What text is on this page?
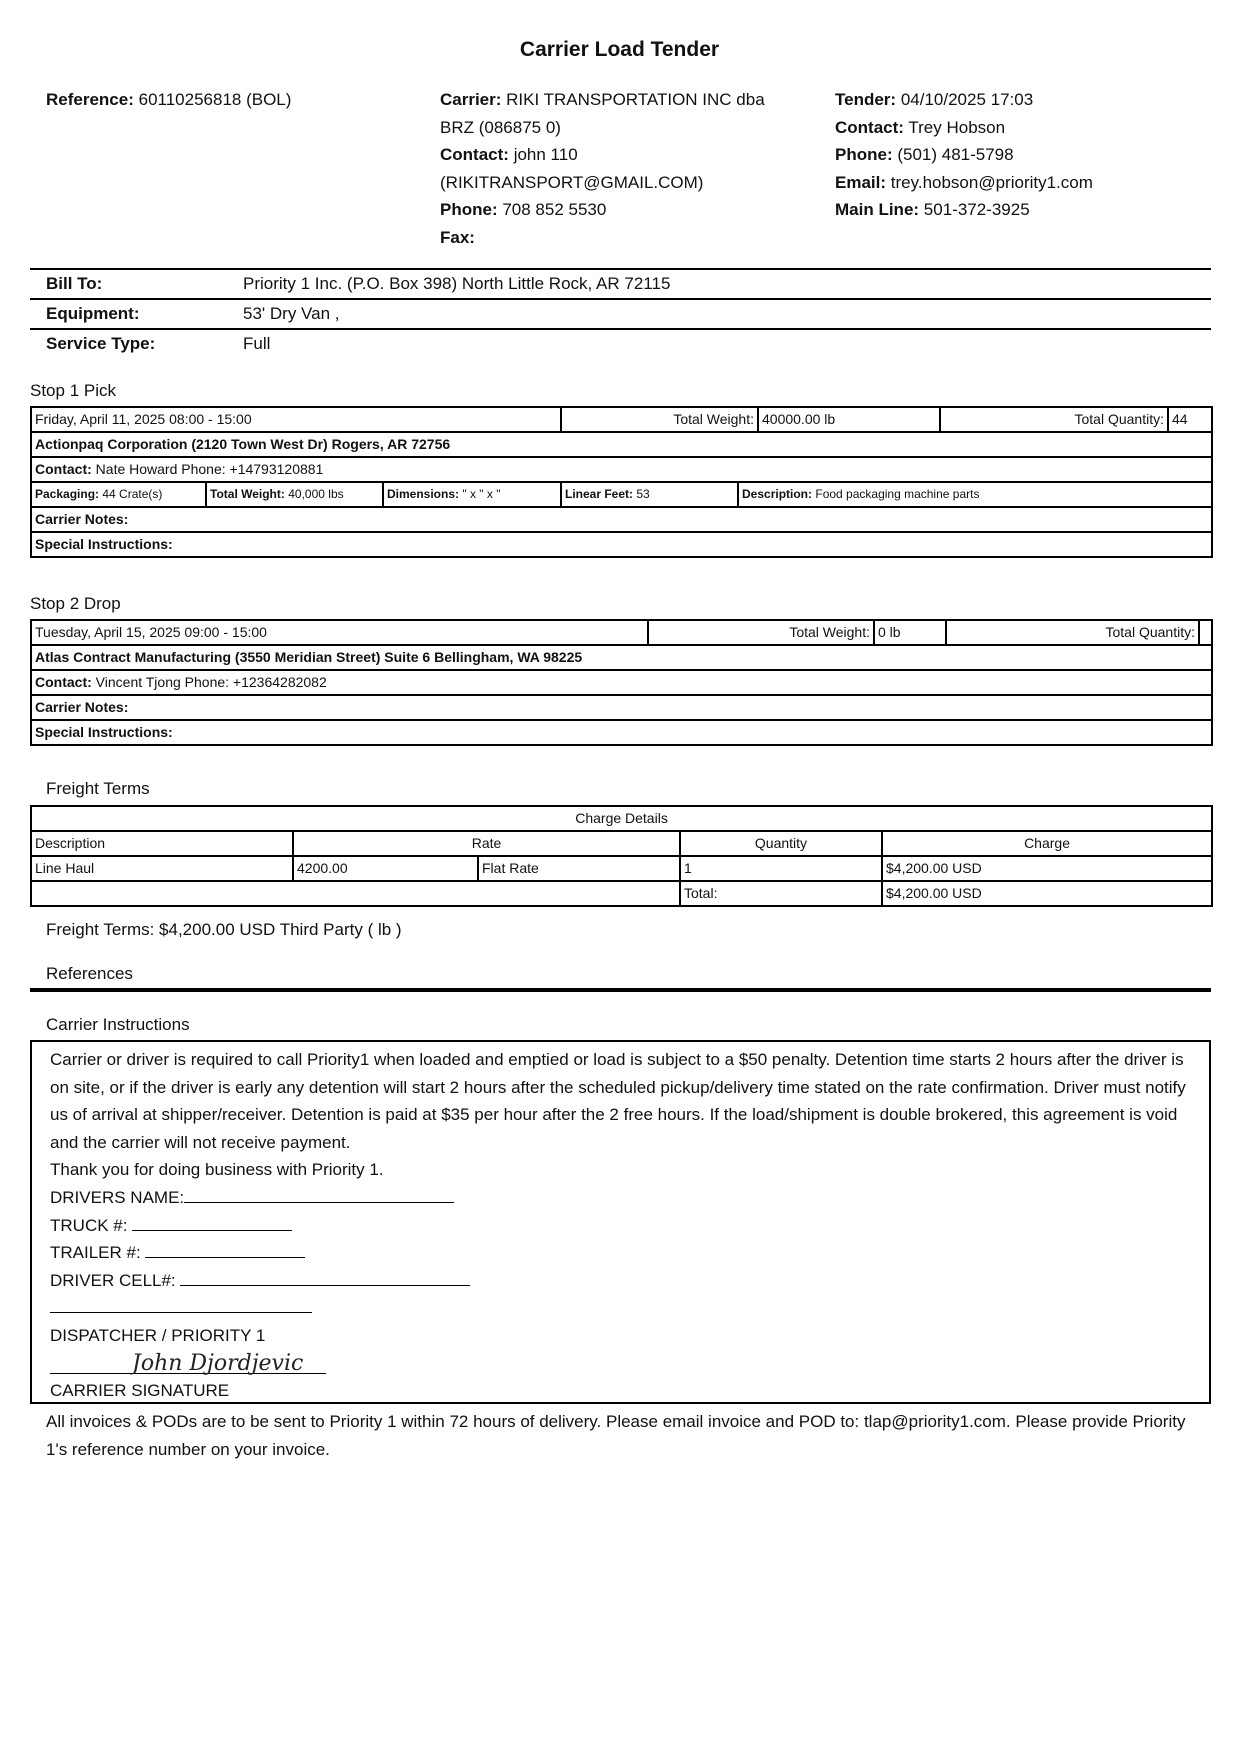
Carrier Load Tender
Reference: 60110256818 (BOL)	Carrier: RIKI TRANSPORTATION INC dba
BRZ (086875 0)
Contact: john 110
(RIKITRANSPORT@GMAIL.COM)
Phone: 708 852 5530
Fax:
Tender: 04/10/2025 17:03
Contact: Trey Hobson
Phone: (501) 481-5798
Email: trey.hobson@priority1.com
Main Line: 501-372-3925
Bill To:	Priority 1 Inc. (P.O. Box 398) North Little Rock, AR 72115
Equipment:	53' Dry Van ,
Service Type:	Full
Stop 1 Pick
Friday, April 11, 2025 08:00 - 15:00		Total Weight:	40000.00 lb	Total Quantity:	44

Actionpaq Corporation (2120 Town West Dr) Rogers, AR 72756
Contact: Nate Howard Phone: +14793120881
Packaging: 44 Crate(s)	Total Weight: 40,000 lbs	Dimensions: " x " x "	Linear Feet: 53	Description: Food packaging machine parts
Carrier Notes:
Special Instructions:
Stop 2 Drop
Tuesday, April 15, 2025 09:00 - 15:00	Total Weight:	0 lb	Total Quantity:	
Atlas Contract Manufacturing (3550 Meridian Street) Suite 6 Bellingham, WA 98225
Contact: Vincent Tjong Phone: +12364282082
Carrier Notes:
Special Instructions:
Freight Terms
Charge Details				
Description	Rate		Quantity	Charge
Line Haul	4200.00	Flat Rate	1	$4,200.00 USD
			Total:	$4,200.00 USD
Freight Terms: $4,200.00 USD Third Party ( lb )
References
Carrier Instructions

Carrier or driver is required to call Priority1 when loaded and emptied or load is subject to a $50 penalty. Detention time starts 2 hours after the driver is on site, or if the driver is early any detention will start 2 hours after the scheduled pickup/delivery time stated on the rate confirmation. Driver must notify us of arrival at shipper/receiver. Detention is paid at $35 per hour after the 2 free hours. If the load/shipment is double brokered, this agreement is void and the carrier will not receive payment.

Thank you for doing business with Priority 1.

DRIVERS NAME:

TRUCK #:

TRAILER #:

DRIVER CELL#:

DISPATCHER / PRIORITY 1

John Djordjevic

CARRIER SIGNATURE

All invoices & PODs are to be sent to Priority 1 within 72 hours of delivery. Please email invoice and POD to: tlap@priority1.com. Please provide Priority 1's reference number on your invoice.
